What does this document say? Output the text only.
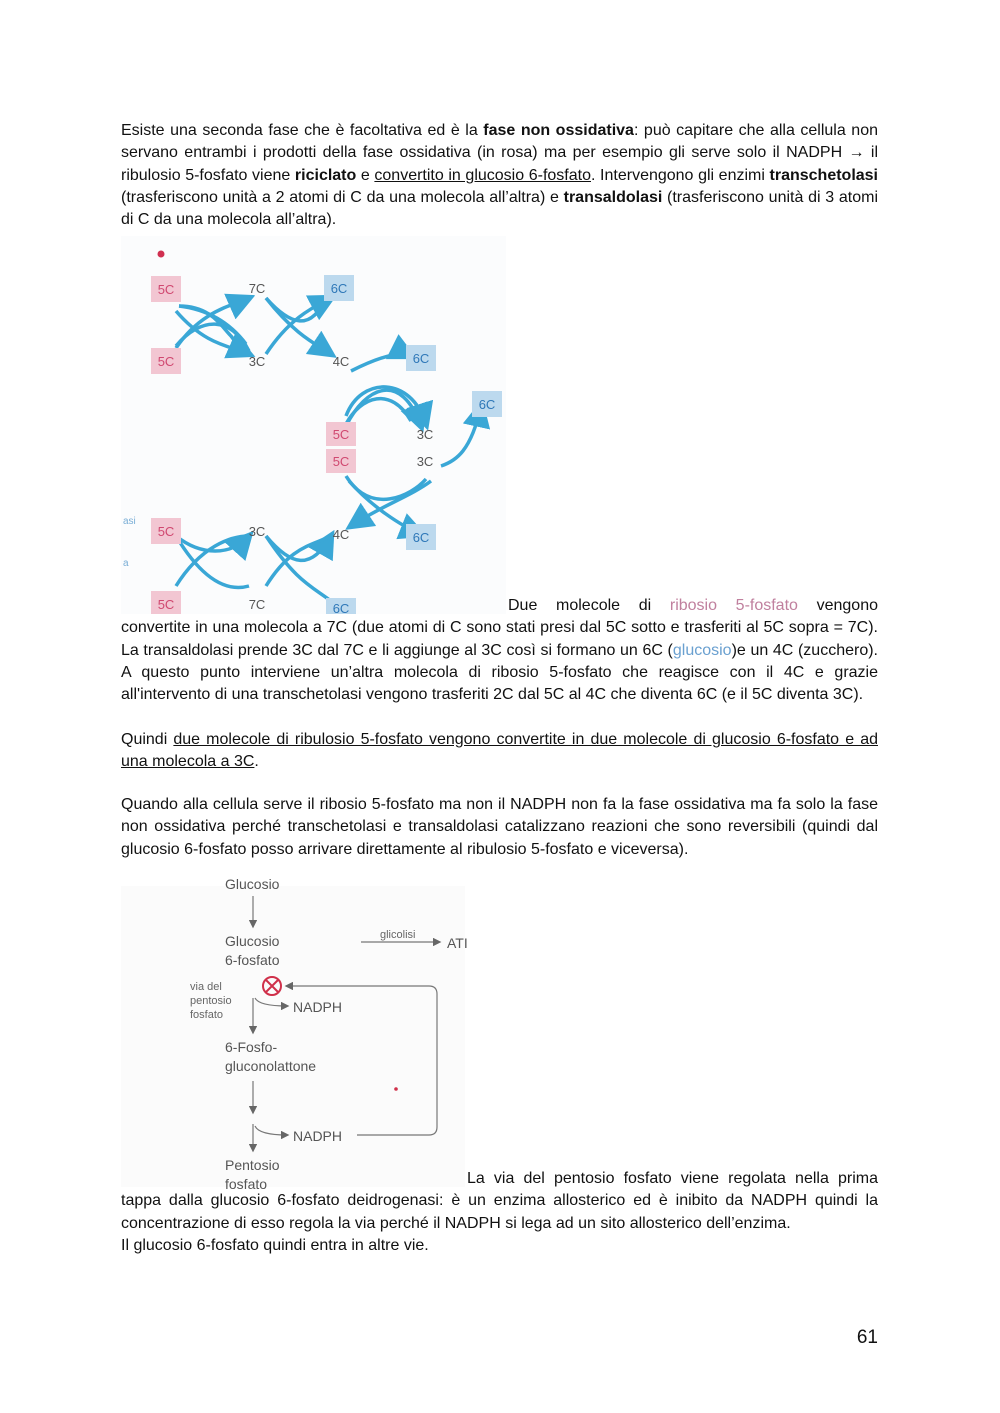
Esiste una seconda fase che è facoltativa ed è la fase non ossidativa: può capitare che alla cellula non servano entrambi i prodotti della fase ossidativa (in rosa) ma per esempio gli serve solo il NADPH → il ribulosio 5-fosfato viene riciclato e convertito in glucosio 6-fosfato. Intervengono gli enzimi transchetolasi (trasferiscono unità a 2 atomi di C da una molecola all’altra) e transaldolasi (trasferiscono unità di 3 atomi di C da una molecola all’altra).

5C	6C
5C	6C
6C
5C
5C
6C
5C
5C	6C
7C
3C	4C
3C
3C
4C
3C
7C
asi
a

Due molecole di ribosio 5-fosfato vengono convertite in una molecola a 7C (due atomi di C sono stati presi dal 5C sotto e trasferiti al 5C sopra = 7C). La transaldolasi prende 3C dal 7C e li aggiunge al 3C così si formano un 6C (glucosio)e un 4C (zucchero). A questo punto interviene un’altra molecola di ribosio 5-fosfato che reagisce con il 4C e grazie all'intervento di una transchetolasi vengono trasferiti 2C dal 5C al 4C che diventa 6C (e il 5C diventa 3C).

Quindi due molecole di ribulosio 5-fosfato vengono convertite in due molecole di glucosio 6-fosfato e ad una molecola a 3C.

Quando alla cellula serve il ribosio 5-fosfato ma non il NADPH non fa la fase ossidativa ma fa solo la fase non ossidativa perché transchetolasi e transaldolasi catalizzano reazioni che sono reversibili (quindi dal glucosio 6-fosfato posso arrivare direttamente al ribulosio 5-fosfato e viceversa).

Glucosio
Glucosio
6-fosfato
6-Fosfo-
gluconolattone
Pentosio
fosfato
NADPH
NADPH
ATI
glicolisi
via del
pentosio
fosfato

La via del pentosio fosfato viene regolata nella prima tappa dalla glucosio 6-fosfato deidrogenasi: è un enzima allosterico ed è inibito da NADPH quindi la concentrazione di esso regola la via perché il NADPH si lega ad un sito allosterico dell’enzima.

Il glucosio 6-fosfato quindi entra in altre vie.

61
